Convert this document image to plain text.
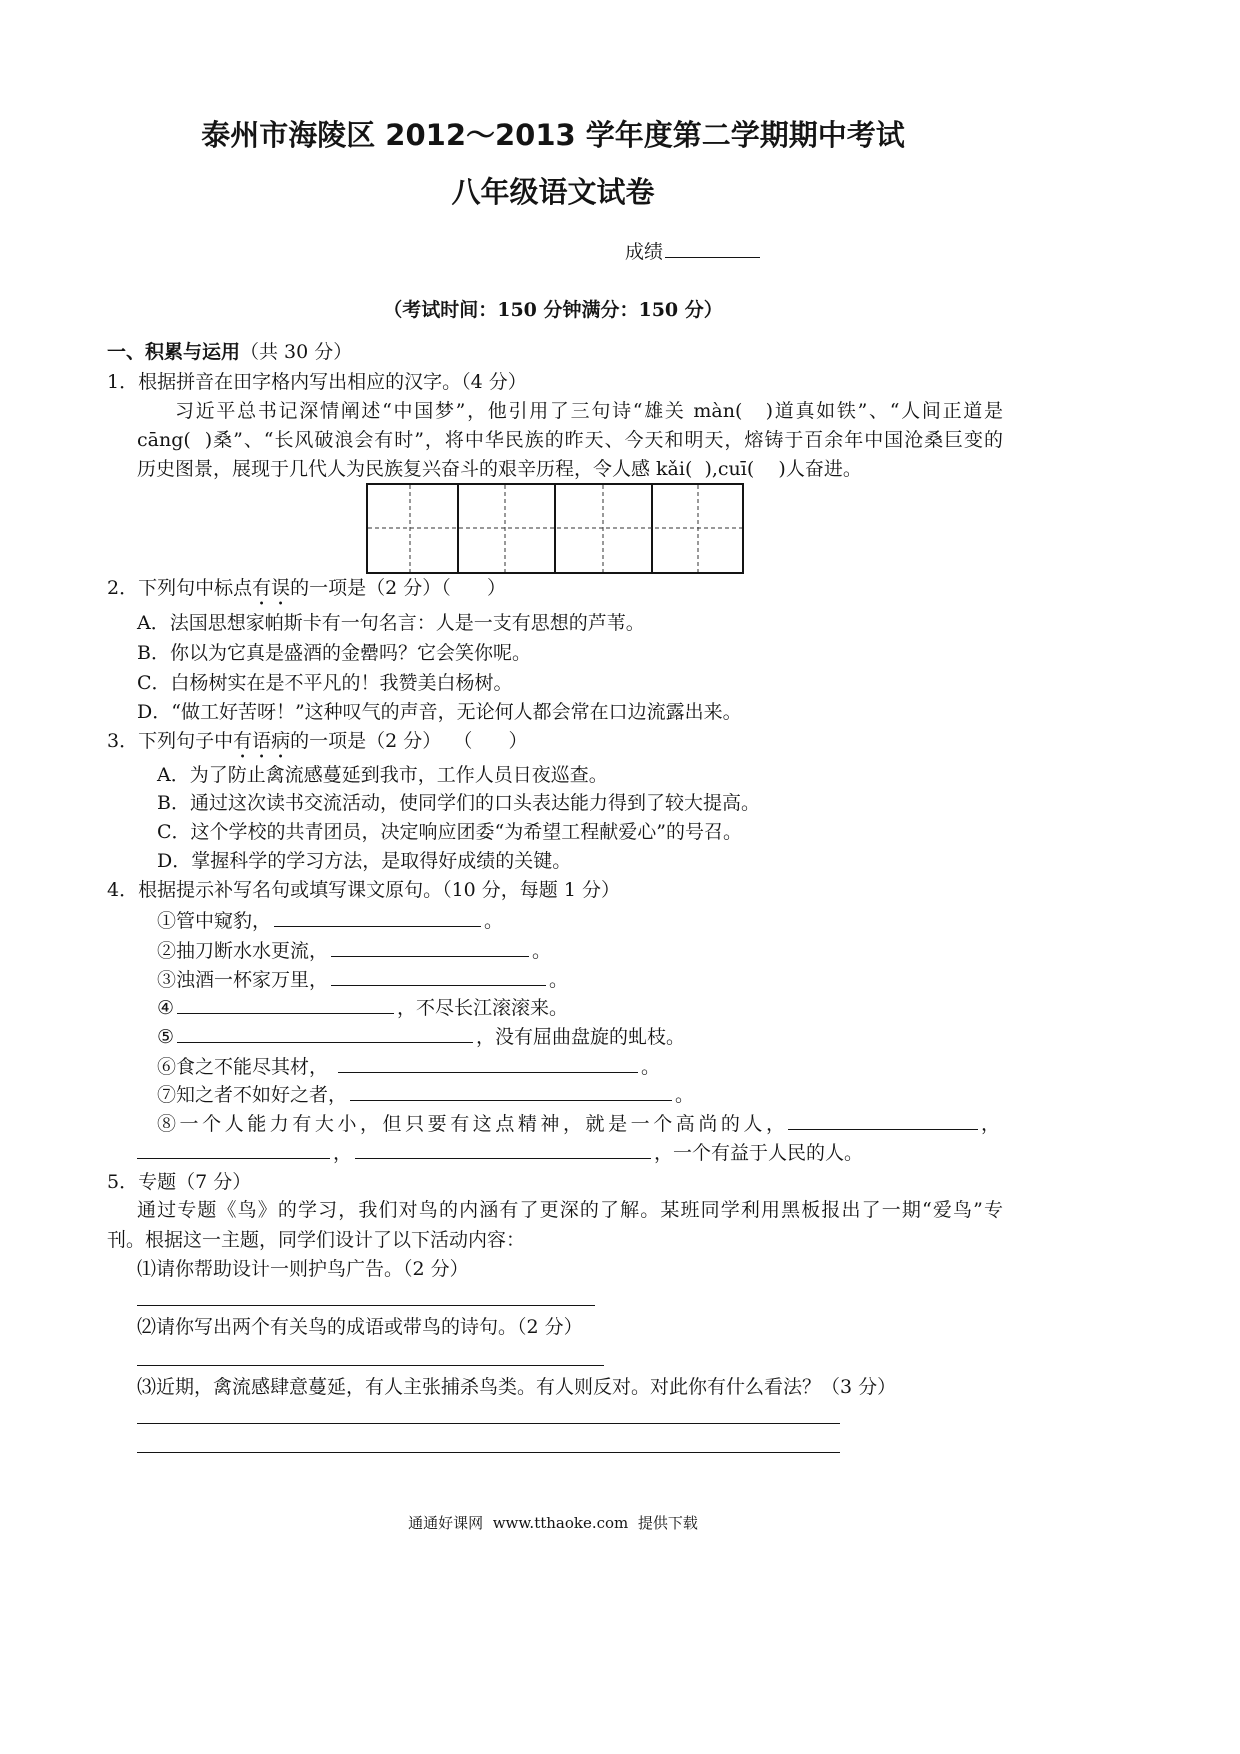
泰州市海陵区 2012～2013 学年度第二学期期中考试
八年级语文试卷
成绩
（考试时间：150 分钟满分：150 分）
一、积累与运用（共 30 分）
1．根据拼音在田字格内写出相应的汉字。（4 分）
习近平总书记深情阐述“中国梦”，他引用了三句诗“雄关 màn(   )道真如铁”、“人间正道是
cāng(  )桑”、“长风破浪会有时”，将中华民族的昨天、今天和明天，熔铸于百余年中国沧桑巨变的
历史图景，展现于几代人为民族复兴奋斗的艰辛历程，令人感 kǎi(  ),cuī(    )人奋进。
2．下列句中标点有误的一项是（2 分）（      ）
A．法国思想家帕斯卡有一句名言：人是一支有思想的芦苇。
B．你以为它真是盛酒的金罍吗？它会笑你呢。
C．白杨树实在是不平凡的！我赞美白杨树。
D．“做工好苦呀！”这种叹气的声音，无论何人都会常在口边流露出来。
3．下列句子中有语病的一项是（2 分）  （      ）
A．为了防止禽流感蔓延到我市，工作人员日夜巡查。
B．通过这次读书交流活动，使同学们的口头表达能力得到了较大提高。
C．这个学校的共青团员，决定响应团委“为希望工程献爱心”的号召。
D．掌握科学的学习方法，是取得好成绩的关键。
4．根据提示补写名句或填写课文原句。（10 分，每题 1 分）
①管中窥豹，	。
②抽刀断水水更流，	。
③浊酒一杯家万里，	。
④	，不尽长江滚滚来。
⑤	，没有屈曲盘旋的虬枝。
⑥食之不能尽其材，	。
⑦知之者不如好之者，	。
⑧一个人能力有大小，但只要有这点精神，就是一个高尚的人，	，
，	，一个有益于人民的人。
5．专题（7 分）
通过专题《鸟》的学习，我们对鸟的内涵有了更深的了解。某班同学利用黑板报出了一期“爱鸟”专
刊。根据这一主题，同学们设计了以下活动内容：
⑴请你帮助设计一则护鸟广告。（2 分）
⑵请你写出两个有关鸟的成语或带鸟的诗句。（2 分）
⑶近期，禽流感肆意蔓延，有人主张捕杀鸟类。有人则反对。对此你有什么看法？（3 分）
通通好课网  www.tthaoke.com  提供下载
